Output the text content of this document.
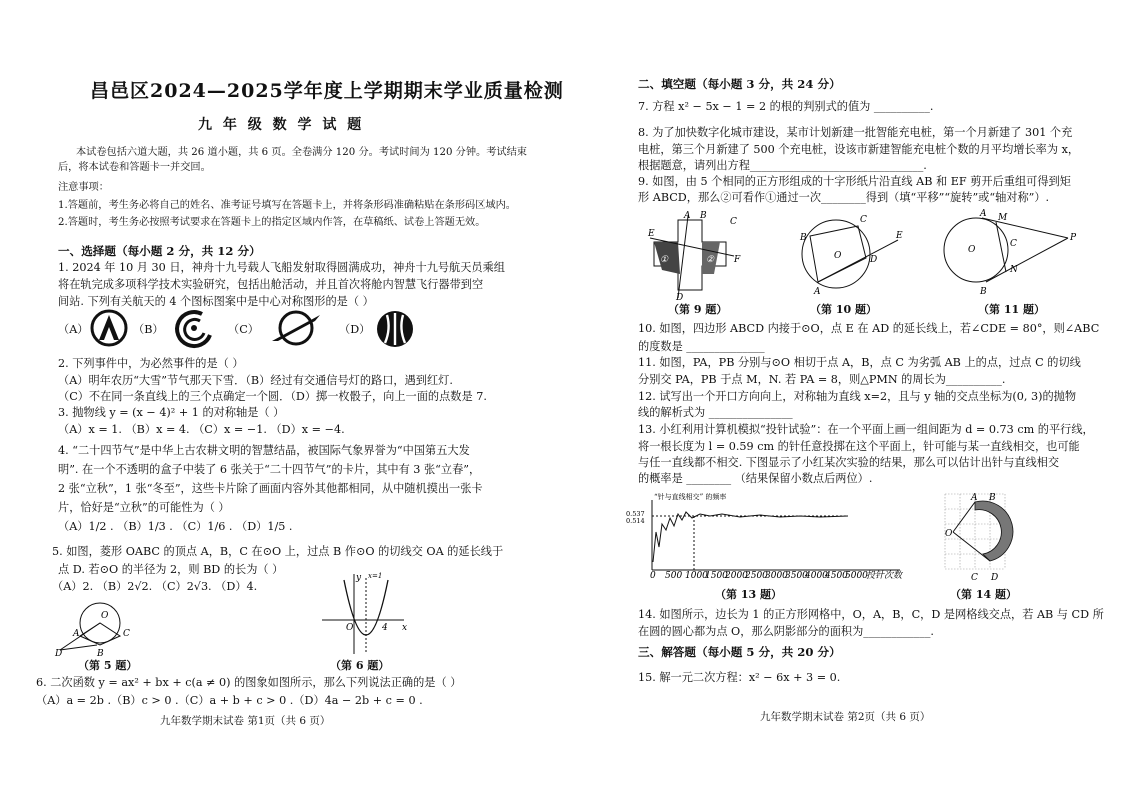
昌邑区2024—2025学年度上学期期末学业质量检测
九 年 级 数 学 试 题
本试卷包括六道大题，共 26 道小题，共 6 页。全卷满分 120 分。考试时间为 120 分钟。考试结束
后，将本试卷和答题卡一并交回。
注意事项：
1.答题前，考生务必将自己的姓名、准考证号填写在答题卡上，并将条形码准确粘贴在条形码区域内。
2.答题时，考生务必按照考试要求在答题卡上的指定区域内作答，在草稿纸、试卷上答题无效。
一、选择题（每小题 2 分，共 12 分）
1. 2024 年 10 月 30 日，神舟十九号载人飞船发射取得圆满成功，神舟十九号航天员乘组
将在轨完成多项科学技术实验研究，包括出舱活动，并且首次将舱内智慧飞行器带到空
间站. 下列有关航天的 4 个图标图案中是中心对称图形的是（ ）
（A）	（B）	（C）	（D）
2. 下列事件中，为必然事件的是（ ）
（A）明年农历“大雪”节气那天下雪．（B）经过有交通信号灯的路口，遇到红灯.
（C）不在同一条直线上的三个点确定一个圆．（D）掷一枚骰子，向上一面的点数是 7.
3. 抛物线 y = (x − 4)² + 1 的对称轴是（ ）
（A）x = 1. （B）x = 4. （C）x = −1. （D）x = −4.
4. “二十四节气”是中华上古农耕文明的智慧结晶，被国际气象界誉为“中国第五大发
明”. 在一个不透明的盒子中装了 6 张关于“二十四节气”的卡片，其中有 3 张“立春”，
2 张“立秋”，1 张“冬至”，这些卡片除了画面内容外其他都相同，从中随机摸出一张卡
片，恰好是“立秋”的可能性为（ ）
（A）1/2 . （B）1/3 . （C）1/6 . （D）1/5 .
5. 如图，菱形 OABC 的顶点 A，B，C 在⊙O 上，过点 B 作⊙O 的切线交 OA 的延长线于
点 D. 若⊙O 的半径为 2，则 BD 的长为（ ）
（A）2. （B）2√2. （C）2√3. （D）4.
O
A
B
C
D
y
x
O
x=1
4
（第 5 题）	（第 6 题）
6. 二次函数 y = ax² + bx + c(a ≠ 0) 的图象如图所示，那么下列说法正确的是（ ）
（A）a = 2b .（B）c > 0 .（C）a + b + c > 0 .（D）4a − 2b + c = 0 .
九年数学期末试卷 第1页（共 6 页）
二、填空题（每小题 3 分，共 24 分）
7. 方程 x² − 5x − 1 = 2 的根的判别式的值为 __________.
8. 为了加快数字化城市建设，某市计划新建一批智能充电桩，第一个月新建了 301 个充
电桩，第三个月新建了 500 个充电桩，设该市新建智能充电桩个数的月平均增长率为 x，
根据题意，请列出方程_______________________________.
9. 如图，由 5 个相同的正方形组成的十字形纸片沿直线 AB 和 EF 剪开后重组可得到矩
形 ABCD，那么②可看作①通过一次________得到（填“平移”“旋转”或“轴对称”）.
A B
C
D
E
F
①	②	O
A
B
C
D
E
O
A
B
C
M
N
P
（第 9 题）	（第 10 题）	（第 11 题）
10. 如图，四边形 ABCD 内接于⊙O，点 E 在 AD 的延长线上，若∠CDE = 80°，则∠ABC
的度数是 ______________
11. 如图，PA，PB 分别与⊙O 相切于点 A，B，点 C 为劣弧 AB 上的点，过点 C 的切线
分别交 PA，PB 于点 M，N. 若 PA = 8，则△PMN 的周长为__________.
12. 试写出一个开口方向向上，对称轴为直线 x=2，且与 y 轴的交点坐标为(0, 3)的抛物
线的解析式为 _______________
13. 小红利用计算机模拟“投针试验”：在一个平面上画一组间距为 d = 0.73 cm 的平行线，
将一根长度为 l = 0.59 cm 的针任意投掷在这个平面上，针可能与某一直线相交，也可能
与任一直线都不相交. 下图显示了小红某次实验的结果，那么可以估计出针与直线相交
的概率是 ________ （结果保留小数点后两位）.
“针与直线相交” 的频率
0.537
0.514
0 500 1000
1500
2000
2500
3000
3500
4000
4500
5000
投针次数
O
A B
C D
（第 13 题）	（第 14 题）
14. 如图所示，边长为 1 的正方形网格中，O，A，B，C，D 是网格线交点，若 AB 与 CD 所
在圆的圆心都为点 O，那么阴影部分的面积为____________.
三、解答题（每小题 5 分，共 20 分）
15. 解一元二次方程：x² − 6x + 3 = 0.
九年数学期末试卷 第2页（共 6 页）
